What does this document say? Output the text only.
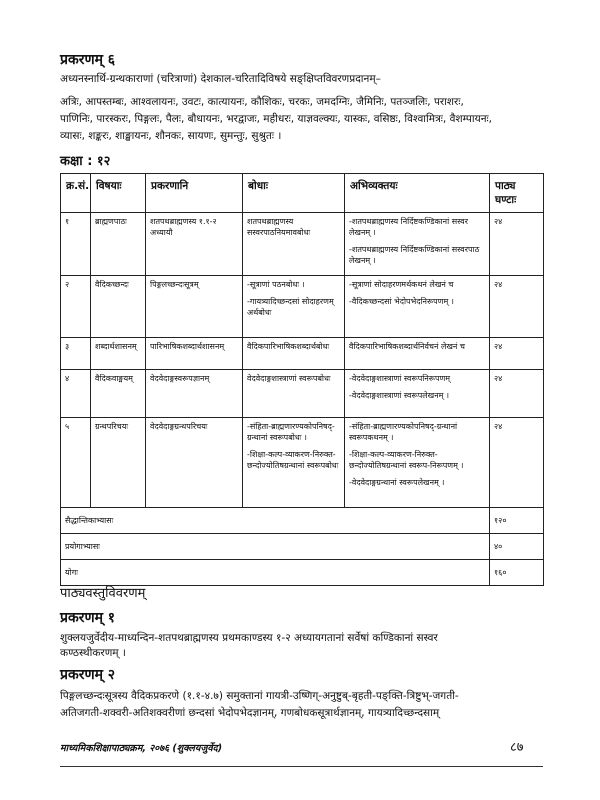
प्रकरणम् ६
अध्यनस्नार्थि-ग्रन्थकाराणां (चरित्राणां) देशकाल-चरितादिविषये सङ्क्षिप्तविवरणप्रदानम्–
अत्रिः, आपस्तम्बः, आश्वलायनः, उवटः, कात्यायनः, कौशिकः, चरकः, जमदग्निः, जैमिनिः, पतञ्जलिः, पराशरः,
पाणिनिः, पारस्करः, पिङ्गलः, पैलः, बौधायनः, भरद्वाजः, महीधरः, याज्ञवल्क्यः, यास्कः, वसिष्ठः, विश्वामित्रः, वैशम्पायनः,
व्यासः, शङ्करः, शाङ्खायनः, शौनकः, सायणः, सुमन्तुः, सुश्रुतः ।
कक्षा : १२
क्र.सं.	विषयाः	प्रकरणानि	बोधाः	अभिव्यक्तयः	पाठ्य घण्टाः
१	ब्राह्मणपाठः	शतपथब्राह्मणस्य १.१-२ अध्यायौ	शतपथब्राह्मणस्य सस्वरपाठनियमावबोधः	-शतपथब्राह्मणस्य निर्दिष्टकण्डिकानां सस्वर लेखनम् ।
-शतपथब्राह्मणस्य निर्दिष्टकण्डिकानां सस्वरपाठ लेखनम् ।	२४
२	वैदिकच्छन्दः	पिङ्गलच्छन्दःसूत्रम्	-सूत्राणां पठनबोधः ।
-गायत्र्यादिच्छन्दसां सोदाहरणम् अर्थबोधः	-सूत्राणां सोदाहरणमर्थकथनं लेखनं च
-वैदिकच्छन्दसां भेदोपभेदनिरूपणम् ।	२४
३	शब्दार्थशासनम्	पारिभाषिकशब्दार्थशासनम्	वैदिकपारिभाषिकशब्दार्थबोधः	वैदिकपारिभाषिकशब्दार्थनिर्वचनं लेखनं च	२४
४	वैदिकवाङ्मयम्	वेदवेदाङ्गस्वरूपज्ञानम्	वेदवेदाङ्गशास्त्राणां स्वरूपबोधः	-वेदवेदाङ्गशास्त्राणां स्वरूपनिरूपणम्
-वेदवेदाङ्गशास्त्राणां स्वरूपलेखनम् ।	२४
५	ग्रन्थपरिचयः	वेदवेदाङ्गग्रन्थपरिचयः	-संहिता-ब्राह्मणारण्यकोपनिषद्-ग्रन्थानां स्वरूपबोधः ।
-शिक्षा-कल्प-व्याकरण-निरुक्त-छन्दोज्योतिषग्रन्थानां स्वरूपबोधः	-संहिता-ब्राह्मणारण्यकोपनिषद्-ग्रन्थानां स्वरूपकथनम् ।
-शिक्षा-कल्प-व्याकरण-निरुक्त-छन्दोज्योतिषग्रन्थानां स्वरूप-निरूपणम् ।
-वेदवेदाङ्गग्रन्थानां स्वरूपलेखनम् ।	२४
सैद्धान्तिकाभ्यासः					१२०
प्रयोगाभ्यासः					४०
योगः					१६०
पाठ्यवस्तुविवरणम्
प्रकरणम् १
शुक्लयजुर्वेदीय-माध्यन्दिन-शतपथब्राह्मणस्य प्रथमकाण्डस्य १-२ अध्यायगतानां सर्वेषां कण्डिकानां सस्वर
कण्ठस्थीकरणम् ।
प्रकरणम् २
पिङ्गलच्छन्दःसूत्रस्य वैदिकप्रकरणे (१.१-४.७) समुक्तानां गायत्री-उष्णिग्-अनुष्टुब्-बृहती-पङ्क्ति-त्रिष्टुभ्-जगती-
अतिजगती-शक्वरी-अतिशक्वरीणां छन्दसां भेदोपभेदज्ञानम्, गणबोधकसूत्रार्थज्ञानम्, गायत्र्यादिच्छन्दसाम्
माध्यमिकशिक्षापाठ्यक्रम, २०७६ (शुक्लयजुर्वेद)	८७
